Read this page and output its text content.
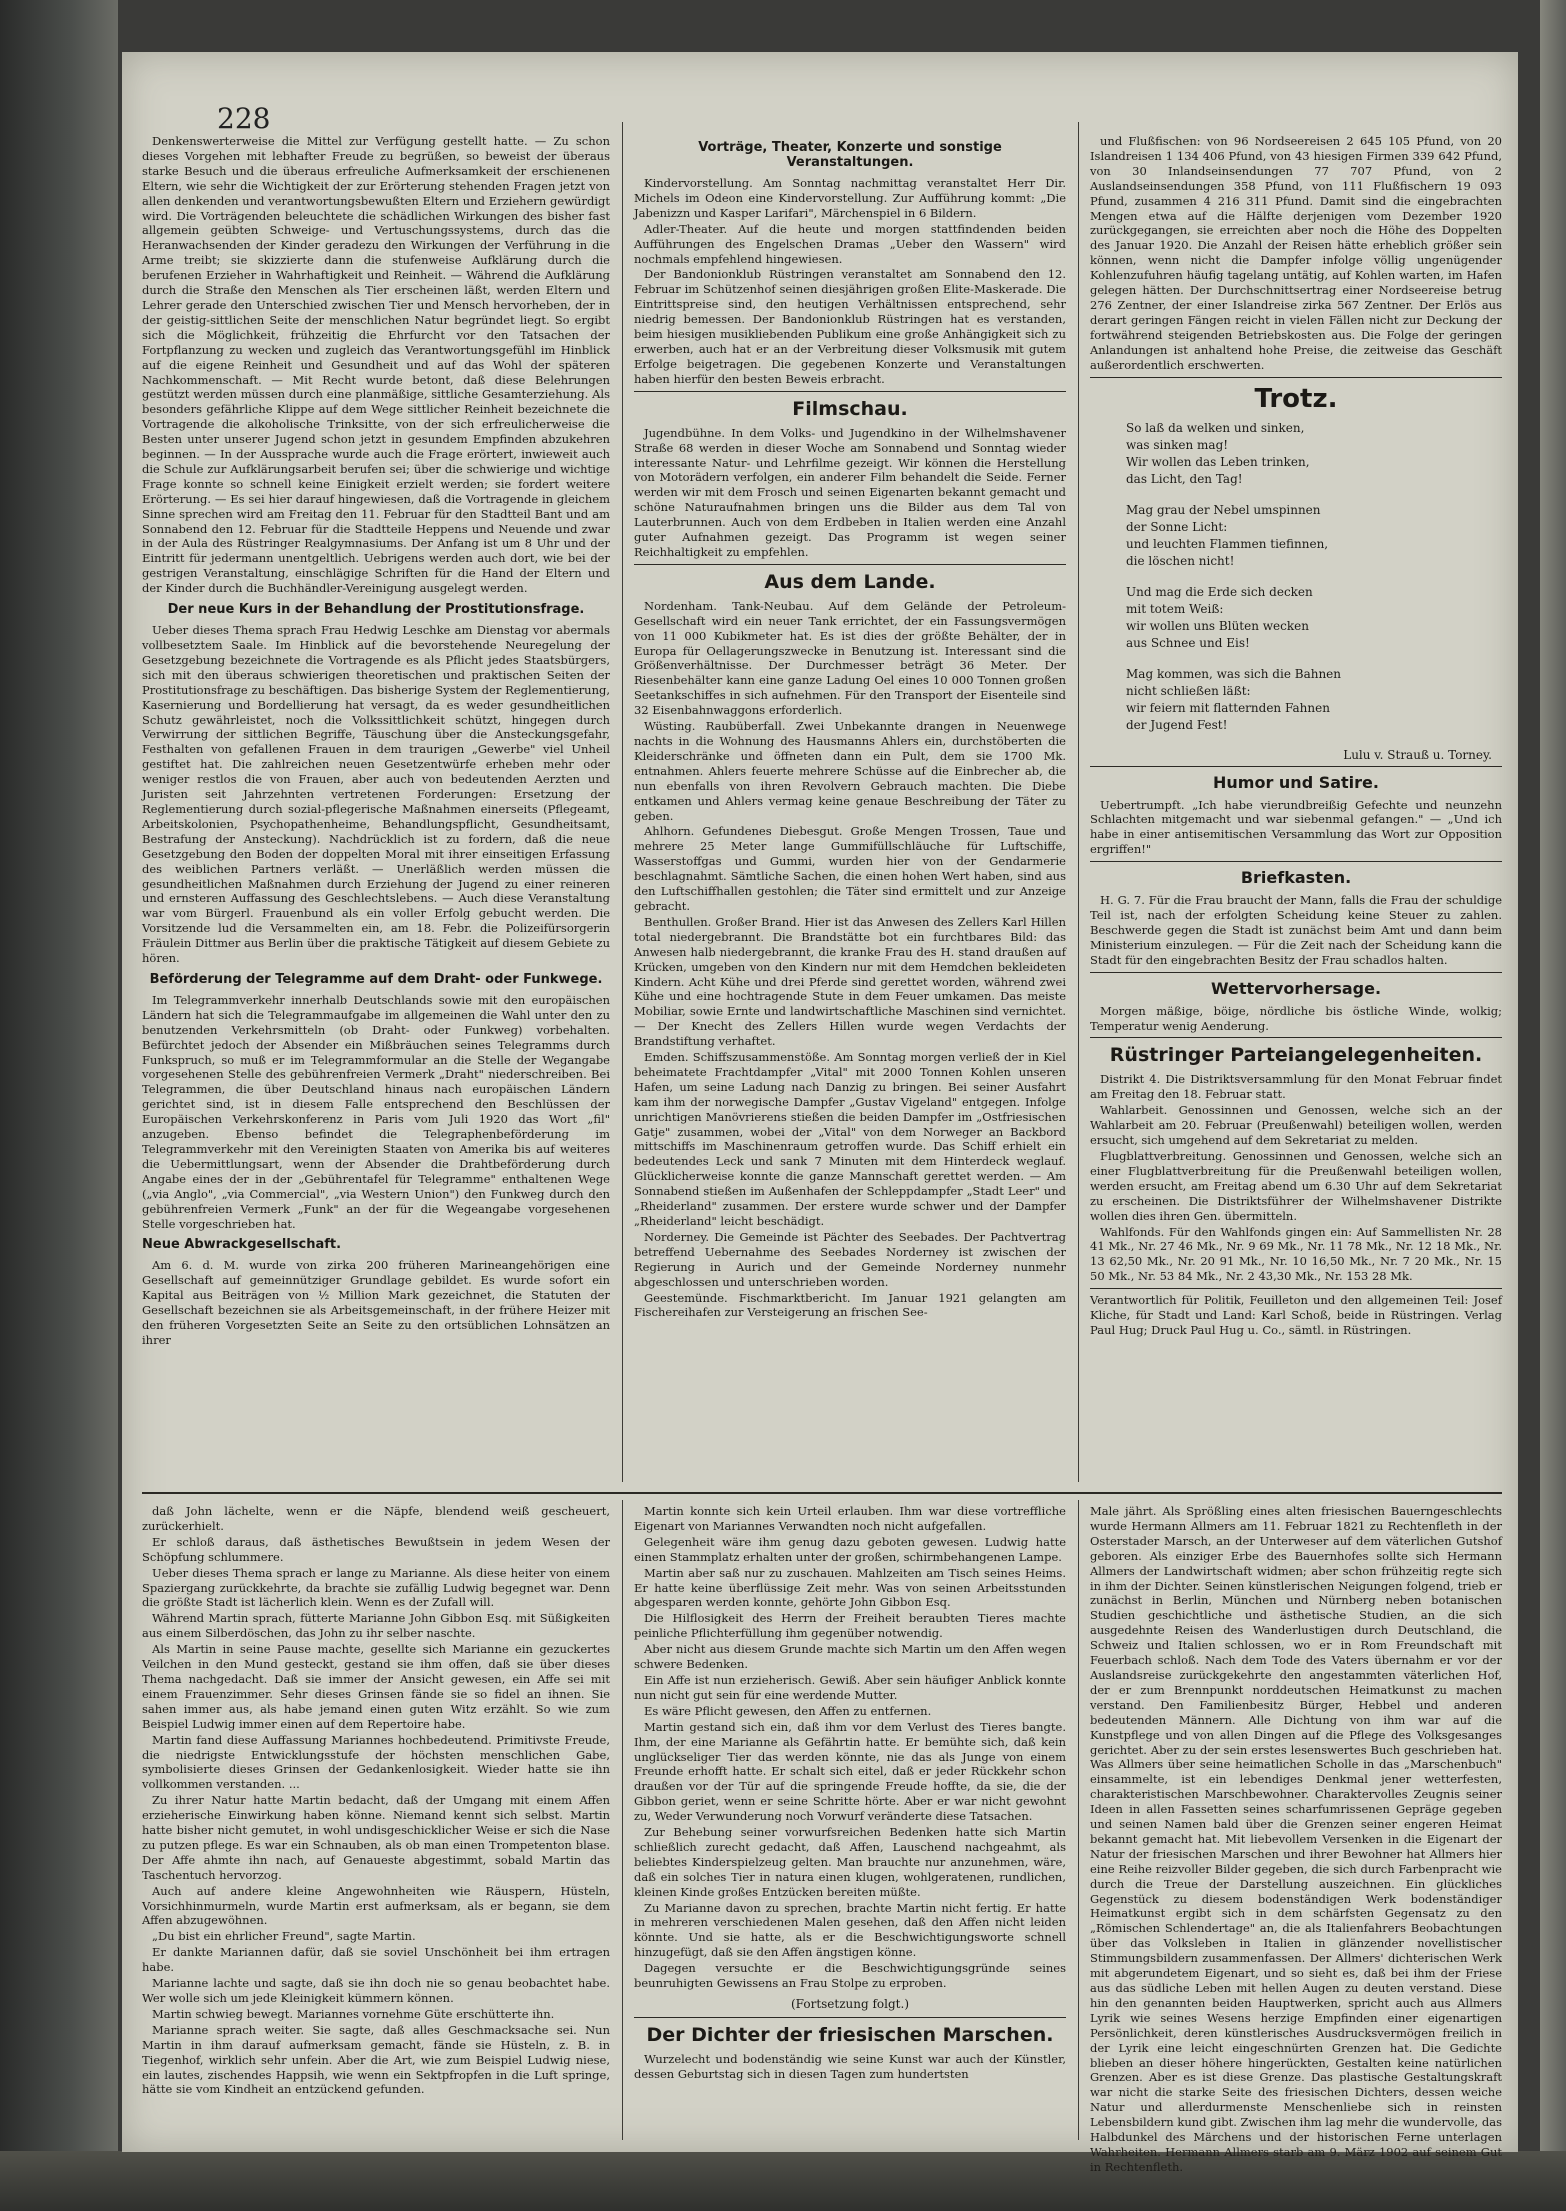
228

Denkenswerterweise die Mittel zur Verfügung gestellt hatte. — Zu schon dieses Vorgehen mit lebhafter Freude zu begrüßen, so beweist der überaus starke Besuch und die überaus erfreuliche Aufmerksamkeit der erschienenen Eltern, wie sehr die Wichtigkeit der zur Erörterung stehenden Fragen jetzt von allen denkenden und verantwortungsbewußten Eltern und Erziehern gewürdigt wird. Die Vorträgenden beleuchtete die schädlichen Wirkungen des bisher fast allgemein geübten Schweige- und Vertuschungssystems, durch das die Heranwachsenden der Kinder geradezu den Wirkungen der Verführung in die Arme treibt; sie skizzierte dann die stufenweise Aufklärung durch die berufenen Erzieher in Wahrhaftigkeit und Reinheit. — Während die Aufklärung durch die Straße den Menschen als Tier erscheinen läßt, werden Eltern und Lehrer gerade den Unterschied zwischen Tier und Mensch hervorheben, der in der geistig-sittlichen Seite der menschlichen Natur begründet liegt. So ergibt sich die Möglichkeit, frühzeitig die Ehrfurcht vor den Tatsachen der Fortpflanzung zu wecken und zugleich das Verantwortungsgefühl im Hinblick auf die eigene Reinheit und Gesundheit und auf das Wohl der späteren Nachkommenschaft. — Mit Recht wurde betont, daß diese Belehrungen gestützt werden müssen durch eine planmäßige, sittliche Gesamterziehung. Als besonders gefährliche Klippe auf dem Wege sittlicher Reinheit bezeichnete die Vortragende die alkoholische Trinksitte, von der sich erfreulicherweise die Besten unter unserer Jugend schon jetzt in gesundem Empfinden abzukehren beginnen. — In der Aussprache wurde auch die Frage erörtert, inwieweit auch die Schule zur Aufklärungsarbeit berufen sei; über die schwierige und wichtige Frage konnte so schnell keine Einigkeit erzielt werden; sie fordert weitere Erörterung. — Es sei hier darauf hingewiesen, daß die Vortragende in gleichem Sinne sprechen wird am Freitag den 11. Februar für den Stadtteil Bant und am Sonnabend den 12. Februar für die Stadtteile Heppens und Neuende und zwar in der Aula des Rüstringer Realgymnasiums. Der Anfang ist um 8 Uhr und der Eintritt für jedermann unentgeltlich. Uebrigens werden auch dort, wie bei der gestrigen Veranstaltung, einschlägige Schriften für die Hand der Eltern und der Kinder durch die Buchhändler-Vereinigung ausgelegt werden.

Der neue Kurs in der Behandlung der Prostitutionsfrage.

Ueber dieses Thema sprach Frau Hedwig Leschke am Dienstag vor abermals vollbesetztem Saale. Im Hinblick auf die bevorstehende Neuregelung der Gesetzgebung bezeichnete die Vortragende es als Pflicht jedes Staatsbürgers, sich mit den überaus schwierigen theoretischen und praktischen Seiten der Prostitutionsfrage zu beschäftigen. Das bisherige System der Reglementierung, Kasernierung und Bordellierung hat versagt, da es weder gesundheitlichen Schutz gewährleistet, noch die Volkssittlichkeit schützt, hingegen durch Verwirrung der sittlichen Begriffe, Täuschung über die Ansteckungsgefahr, Festhalten von gefallenen Frauen in dem traurigen „Gewerbe" viel Unheil gestiftet hat. Die zahlreichen neuen Gesetzentwürfe erheben mehr oder weniger restlos die von Frauen, aber auch von bedeutenden Aerzten und Juristen seit Jahrzehnten vertretenen Forderungen: Ersetzung der Reglementierung durch sozial-pflegerische Maßnahmen einerseits (Pflegeamt, Arbeitskolonien, Psychopathenheime, Behandlungspflicht, Gesundheitsamt, Bestrafung der Ansteckung). Nachdrücklich ist zu fordern, daß die neue Gesetzgebung den Boden der doppelten Moral mit ihrer einseitigen Erfassung des weiblichen Partners verläßt. — Unerläßlich werden müssen die gesundheitlichen Maßnahmen durch Erziehung der Jugend zu einer reineren und ernsteren Auffassung des Geschlechtslebens. — Auch diese Veranstaltung war vom Bürgerl. Frauenbund als ein voller Erfolg gebucht werden. Die Vorsitzende lud die Versammelten ein, am 18. Febr. die Polizeifürsorgerin Fräulein Dittmer aus Berlin über die praktische Tätigkeit auf diesem Gebiete zu hören.

Beförderung der Telegramme auf dem Draht- oder Funkwege.

Im Telegrammverkehr innerhalb Deutschlands sowie mit den europäischen Ländern hat sich die Telegrammaufgabe im allgemeinen die Wahl unter den zu benutzenden Verkehrsmitteln (ob Draht- oder Funkweg) vorbehalten. Befürchtet jedoch der Absender ein Mißbräuchen seines Telegramms durch Funkspruch, so muß er im Telegrammformular an die Stelle der Wegangabe vorgesehenen Stelle des gebührenfreien Vermerk „Draht" niederschreiben. Bei Telegrammen, die über Deutschland hinaus nach europäischen Ländern gerichtet sind, ist in diesem Falle entsprechend den Beschlüssen der Europäischen Verkehrskonferenz in Paris vom Juli 1920 das Wort „fil" anzugeben. Ebenso befindet die Telegraphenbeförderung im Telegrammverkehr mit den Vereinigten Staaten von Amerika bis auf weiteres die Uebermittlungsart, wenn der Absender die Drahtbeförderung durch Angabe eines der in der „Gebührentafel für Telegramme" enthaltenen Wege („via Anglo", „via Commercial", „via Western Union") den Funkweg durch den gebührenfreien Vermerk „Funk" an der für die Wegeangabe vorgesehenen Stelle vorgeschrieben hat.

Neue Abwrackgesellschaft.

Am 6. d. M. wurde von zirka 200 früheren Marineangehörigen eine Gesellschaft auf gemeinnütziger Grundlage gebildet. Es wurde sofort ein Kapital aus Beiträgen von ½ Million Mark gezeichnet, die Statuten der Gesellschaft bezeichnen sie als Arbeitsgemeinschaft, in der frühere Heizer mit den früheren Vorgesetzten Seite an Seite zu den ortsüblichen Lohnsätzen an ihrer

Vorträge, Theater, Konzerte und sonstige Veranstaltungen.

Kindervorstellung. Am Sonntag nachmittag veranstaltet Herr Dir. Michels im Odeon eine Kindervorstellung. Zur Aufführung kommt: „Die Jabenizzn und Kasper Larifari", Märchenspiel in 6 Bildern.

Adler-Theater. Auf die heute und morgen stattfindenden beiden Aufführungen des Engelschen Dramas „Ueber den Wassern" wird nochmals empfehlend hingewiesen.

Der Bandonionklub Rüstringen veranstaltet am Sonnabend den 12. Februar im Schützenhof seinen diesjährigen großen Elite-Maskerade. Die Eintrittspreise sind, den heutigen Verhältnissen entsprechend, sehr niedrig bemessen. Der Bandonionklub Rüstringen hat es verstanden, beim hiesigen musikliebenden Publikum eine große Anhängigkeit sich zu erwerben, auch hat er an der Verbreitung dieser Volksmusik mit gutem Erfolge beigetragen. Die gegebenen Konzerte und Veranstaltungen haben hierfür den besten Beweis erbracht.

Filmschau.

Jugendbühne. In dem Volks- und Jugendkino in der Wilhelmshavener Straße 68 werden in dieser Woche am Sonnabend und Sonntag wieder interessante Natur- und Lehrfilme gezeigt. Wir können die Herstellung von Motorädern verfolgen, ein anderer Film behandelt die Seide. Ferner werden wir mit dem Frosch und seinen Eigenarten bekannt gemacht und schöne Naturaufnahmen bringen uns die Bilder aus dem Tal von Lauterbrunnen. Auch von dem Erdbeben in Italien werden eine Anzahl guter Aufnahmen gezeigt. Das Programm ist wegen seiner Reichhaltigkeit zu empfehlen.

Aus dem Lande.

Nordenham. Tank-Neubau. Auf dem Gelände der Petroleum-Gesellschaft wird ein neuer Tank errichtet, der ein Fassungsvermögen von 11 000 Kubikmeter hat. Es ist dies der größte Behälter, der in Europa für Oellagerungszwecke in Benutzung ist. Interessant sind die Größenverhältnisse. Der Durchmesser beträgt 36 Meter. Der Riesenbehälter kann eine ganze Ladung Oel eines 10 000 Tonnen großen Seetankschiffes in sich aufnehmen. Für den Transport der Eisenteile sind 32 Eisenbahnwaggons erforderlich.

Wüsting. Raubüberfall. Zwei Unbekannte drangen in Neuenwege nachts in die Wohnung des Hausmanns Ahlers ein, durchstöberten die Kleiderschränke und öffneten dann ein Pult, dem sie 1700 Mk. entnahmen. Ahlers feuerte mehrere Schüsse auf die Einbrecher ab, die nun ebenfalls von ihren Revolvern Gebrauch machten. Die Diebe entkamen und Ahlers vermag keine genaue Beschreibung der Täter zu geben.

Ahlhorn. Gefundenes Diebesgut. Große Mengen Trossen, Taue und mehrere 25 Meter lange Gummifüllschläuche für Luftschiffe, Wasserstoffgas und Gummi, wurden hier von der Gendarmerie beschlagnahmt. Sämtliche Sachen, die einen hohen Wert haben, sind aus den Luftschiffhallen gestohlen; die Täter sind ermittelt und zur Anzeige gebracht.

Benthullen. Großer Brand. Hier ist das Anwesen des Zellers Karl Hillen total niedergebrannt. Die Brandstätte bot ein furchtbares Bild: das Anwesen halb niedergebrannt, die kranke Frau des H. stand draußen auf Krücken, umgeben von den Kindern nur mit dem Hemdchen bekleideten Kindern. Acht Kühe und drei Pferde sind gerettet worden, während zwei Kühe und eine hochtragende Stute in dem Feuer umkamen. Das meiste Mobiliar, sowie Ernte und landwirtschaftliche Maschinen sind vernichtet. — Der Knecht des Zellers Hillen wurde wegen Verdachts der Brandstiftung verhaftet.

Emden. Schiffszusammenstöße. Am Sonntag morgen verließ der in Kiel beheimatete Frachtdampfer „Vital" mit 2000 Tonnen Kohlen unseren Hafen, um seine Ladung nach Danzig zu bringen. Bei seiner Ausfahrt kam ihm der norwegische Dampfer „Gustav Vigeland" entgegen. Infolge unrichtigen Manövrierens stießen die beiden Dampfer im „Ostfriesischen Gatje" zusammen, wobei der „Vital" von dem Norweger an Backbord mittschiffs im Maschinenraum getroffen wurde. Das Schiff erhielt ein bedeutendes Leck und sank 7 Minuten mit dem Hinterdeck weglauf. Glücklicherweise konnte die ganze Mannschaft gerettet werden. — Am Sonnabend stießen im Außenhafen der Schleppdampfer „Stadt Leer" und „Rheiderland" zusammen. Der erstere wurde schwer und der Dampfer „Rheiderland" leicht beschädigt.

Norderney. Die Gemeinde ist Pächter des Seebades. Der Pachtvertrag betreffend Uebernahme des Seebades Norderney ist zwischen der Regierung in Aurich und der Gemeinde Norderney nunmehr abgeschlossen und unterschrieben worden.

Geestemünde. Fischmarktbericht. Im Januar 1921 gelangten am Fischereihafen zur Versteigerung an frischen See-

und Flußfischen: von 96 Nordseereisen 2 645 105 Pfund, von 20 Islandreisen 1 134 406 Pfund, von 43 hiesigen Firmen 339 642 Pfund, von 30 Inlandseinsendungen 77 707 Pfund, von 2 Auslandseinsendungen 358 Pfund, von 111 Flußfischern 19 093 Pfund, zusammen 4 216 311 Pfund. Damit sind die eingebrachten Mengen etwa auf die Hälfte derjenigen vom Dezember 1920 zurückgegangen, sie erreichten aber noch die Höhe des Doppelten des Januar 1920. Die Anzahl der Reisen hätte erheblich größer sein können, wenn nicht die Dampfer infolge völlig ungenügender Kohlenzufuhren häufig tagelang untätig, auf Kohlen warten, im Hafen gelegen hätten. Der Durchschnittsertrag einer Nordseereise betrug 276 Zentner, der einer Islandreise zirka 567 Zentner. Der Erlös aus derart geringen Fängen reicht in vielen Fällen nicht zur Deckung der fortwährend steigenden Betriebskosten aus. Die Folge der geringen Anlandungen ist anhaltend hohe Preise, die zeitweise das Geschäft außerordentlich erschwerten.

Trotz.
So laß da welken und sinken,
was sinken mag!
Wir wollen das Leben trinken,
das Licht, den Tag!
Mag grau der Nebel umspinnen
der Sonne Licht:
und leuchten Flammen tiefinnen,
die löschen nicht!
Und mag die Erde sich decken
mit totem Weiß:
wir wollen uns Blüten wecken
aus Schnee und Eis!
Mag kommen, was sich die Bahnen
nicht schließen läßt:
wir feiern mit flatternden Fahnen
der Jugend Fest!
Lulu v. Strauß u. Torney.
Humor und Satire.

Uebertrumpft. „Ich habe vierundbreißig Gefechte und neunzehn Schlachten mitgemacht und war siebenmal gefangen." — „Und ich habe in einer antisemitischen Versammlung das Wort zur Opposition ergriffen!"

Briefkasten.

H. G. 7. Für die Frau braucht der Mann, falls die Frau der schuldige Teil ist, nach der erfolgten Scheidung keine Steuer zu zahlen. Beschwerde gegen die Stadt ist zunächst beim Amt und dann beim Ministerium einzulegen. — Für die Zeit nach der Scheidung kann die Stadt für den eingebrachten Besitz der Frau schadlos halten.

Wettervorhersage.

Morgen mäßige, böige, nördliche bis östliche Winde, wolkig; Temperatur wenig Aenderung.

Rüstringer Parteiangelegenheiten.

Distrikt 4. Die Distriktsversammlung für den Monat Februar findet am Freitag den 18. Februar statt.

Wahlarbeit. Genossinnen und Genossen, welche sich an der Wahlarbeit am 20. Februar (Preußenwahl) beteiligen wollen, werden ersucht, sich umgehend auf dem Sekretariat zu melden.

Flugblattverbreitung. Genossinnen und Genossen, welche sich an einer Flugblattverbreitung für die Preußenwahl beteiligen wollen, werden ersucht, am Freitag abend um 6.30 Uhr auf dem Sekretariat zu erscheinen. Die Distriktsführer der Wilhelmshavener Distrikte wollen dies ihren Gen. übermitteln.

Wahlfonds. Für den Wahlfonds gingen ein: Auf Sammellisten Nr. 28 41 Mk., Nr. 27 46 Mk., Nr. 9 69 Mk., Nr. 11 78 Mk., Nr. 12 18 Mk., Nr. 13 62,50 Mk., Nr. 20 91 Mk., Nr. 10 16,50 Mk., Nr. 7 20 Mk., Nr. 15 50 Mk., Nr. 53 84 Mk., Nr. 2 43,30 Mk., Nr. 153 28 Mk.

Verantwortlich für Politik, Feuilleton und den allgemeinen Teil: Josef Kliche, für Stadt und Land: Karl Schoß, beide in Rüstringen. Verlag Paul Hug; Druck Paul Hug u. Co., sämtl. in Rüstringen.

daß John lächelte, wenn er die Näpfe, blendend weiß gescheuert, zurückerhielt.

Er schloß daraus, daß ästhetisches Bewußtsein in jedem Wesen der Schöpfung schlummere.

Ueber dieses Thema sprach er lange zu Marianne. Als diese heiter von einem Spaziergang zurückkehrte, da brachte sie zufällig Ludwig begegnet war. Denn die größte Stadt ist lächerlich klein. Wenn es der Zufall will.

Während Martin sprach, fütterte Marianne John Gibbon Esq. mit Süßigkeiten aus einem Silberdöschen, das John zu ihr selber naschte.

Als Martin in seine Pause machte, gesellte sich Marianne ein gezuckertes Veilchen in den Mund gesteckt, gestand sie ihm offen, daß sie über dieses Thema nachgedacht. Daß sie immer der Ansicht gewesen, ein Affe sei mit einem Frauenzimmer. Sehr dieses Grinsen fände sie so fidel an ihnen. Sie sahen immer aus, als habe jemand einen guten Witz erzählt. So wie zum Beispiel Ludwig immer einen auf dem Repertoire habe.

Martin fand diese Auffassung Mariannes hochbedeutend. Primitivste Freude, die niedrigste Entwicklungsstufe der höchsten menschlichen Gabe, symbolisierte dieses Grinsen der Gedankenlosigkeit. Wieder hatte sie ihn vollkommen verstanden. ...

Zu ihrer Natur hatte Martin bedacht, daß der Umgang mit einem Affen erzieherische Einwirkung haben könne. Niemand kennt sich selbst. Martin hatte bisher nicht gemutet, in wohl undisgeschicklicher Weise er sich die Nase zu putzen pflege. Es war ein Schnauben, als ob man einen Trompetenton blase. Der Affe ahmte ihn nach, auf Genaueste abgestimmt, sobald Martin das Taschentuch hervorzog.

Auch auf andere kleine Angewohnheiten wie Räuspern, Hüsteln, Vorsichhinmurmeln, wurde Martin erst aufmerksam, als er begann, sie dem Affen abzugewöhnen.

„Du bist ein ehrlicher Freund", sagte Martin.

Er dankte Mariannen dafür, daß sie soviel Unschönheit bei ihm ertragen habe.

Marianne lachte und sagte, daß sie ihn doch nie so genau beobachtet habe. Wer wolle sich um jede Kleinigkeit kümmern können.

Martin schwieg bewegt. Mariannes vornehme Güte erschütterte ihn.

Marianne sprach weiter. Sie sagte, daß alles Geschmacksache sei. Nun Martin in ihm darauf aufmerksam gemacht, fände sie Hüsteln, z. B. in Tiegenhof, wirklich sehr unfein. Aber die Art, wie zum Beispiel Ludwig niese, ein lautes, zischendes Happsih, wie wenn ein Sektpfropfen in die Luft springe, hätte sie vom Kindheit an entzückend gefunden.

Martin konnte sich kein Urteil erlauben. Ihm war diese vortreffliche Eigenart von Mariannes Verwandten noch nicht aufgefallen.

Gelegenheit wäre ihm genug dazu geboten gewesen. Ludwig hatte einen Stammplatz erhalten unter der großen, schirmbehangenen Lampe.

Martin aber saß nur zu zuschauen. Mahlzeiten am Tisch seines Heims. Er hatte keine überflüssige Zeit mehr. Was von seinen Arbeitsstunden abgesparen werden konnte, gehörte John Gibbon Esq.

Die Hilflosigkeit des Herrn der Freiheit beraubten Tieres machte peinliche Pflichterfüllung ihm gegenüber notwendig.

Aber nicht aus diesem Grunde machte sich Martin um den Affen wegen schwere Bedenken.

Ein Affe ist nun erzieherisch. Gewiß. Aber sein häufiger Anblick konnte nun nicht gut sein für eine werdende Mutter.

Es wäre Pflicht gewesen, den Affen zu entfernen.

Martin gestand sich ein, daß ihm vor dem Verlust des Tieres bangte. Ihm, der eine Marianne als Gefährtin hatte. Er bemühte sich, daß kein unglückseliger Tier das werden könnte, nie das als Junge von einem Freunde erhofft hatte. Er schalt sich eitel, daß er jeder Rückkehr schon draußen vor der Tür auf die springende Freude hoffte, da sie, die der Gibbon geriet, wenn er seine Schritte hörte. Aber er war nicht gewohnt zu, Weder Verwunderung noch Vorwurf veränderte diese Tatsachen.

Zur Behebung seiner vorwurfsreichen Bedenken hatte sich Martin schließlich zurecht gedacht, daß Affen, Lauschend nachgeahmt, als beliebtes Kinderspielzeug gelten. Man brauchte nur anzunehmen, wäre, daß ein solches Tier in natura einen klugen, wohlgeratenen, rundlichen, kleinen Kinde großes Entzücken bereiten müßte.

Zu Marianne davon zu sprechen, brachte Martin nicht fertig. Er hatte in mehreren verschiedenen Malen gesehen, daß den Affen nicht leiden könnte. Und sie hatte, als er die Beschwichtigungsworte schnell hinzugefügt, daß sie den Affen ängstigen könne.

Dagegen versuchte er die Beschwichtigungsgründe seines beunruhigten Gewissens an Frau Stolpe zu erproben.

(Fortsetzung folgt.)
Der Dichter der friesischen Marschen.

Wurzelecht und bodenständig wie seine Kunst war auch der Künstler, dessen Geburtstag sich in diesen Tagen zum hundertsten

Male jährt. Als Sprößling eines alten friesischen Bauerngeschlechts wurde Hermann Allmers am 11. Februar 1821 zu Rechtenfleth in der Osterstader Marsch, an der Unterweser auf dem väterlichen Gutshof geboren. Als einziger Erbe des Bauernhofes sollte sich Hermann Allmers der Landwirtschaft widmen; aber schon frühzeitig regte sich in ihm der Dichter. Seinen künstlerischen Neigungen folgend, trieb er zunächst in Berlin, München und Nürnberg neben botanischen Studien geschichtliche und ästhetische Studien, an die sich ausgedehnte Reisen des Wanderlustigen durch Deutschland, die Schweiz und Italien schlossen, wo er in Rom Freundschaft mit Feuerbach schloß. Nach dem Tode des Vaters übernahm er vor der Auslandsreise zurückgekehrte den angestammten väterlichen Hof, der er zum Brennpunkt norddeutschen Heimatkunst zu machen verstand. Den Familienbesitz Bürger, Hebbel und anderen bedeutenden Männern. Alle Dichtung von ihm war auf die Kunstpflege und von allen Dingen auf die Pflege des Volksgesanges gerichtet. Aber zu der sein erstes lesenswertes Buch geschrieben hat. Was Allmers über seine heimatlichen Scholle in das „Marschenbuch" einsammelte, ist ein lebendiges Denkmal jener wetterfesten, charakteristischen Marschbewohner. Charaktervolles Zeugnis seiner Ideen in allen Fassetten seines scharfumrissenen Gepräge gegeben und seinen Namen bald über die Grenzen seiner engeren Heimat bekannt gemacht hat. Mit liebevollem Versenken in die Eigenart der Natur der friesischen Marschen und ihrer Bewohner hat Allmers hier eine Reihe reizvoller Bilder gegeben, die sich durch Farbenpracht wie durch die Treue der Darstellung auszeichnen. Ein glückliches Gegenstück zu diesem bodenständigen Werk bodenständiger Heimatkunst ergibt sich in dem schärfsten Gegensatz zu den „Römischen Schlendertage" an, die als Italienfahrers Beobachtungen über das Volksleben in Italien in glänzender novellistischer Stimmungsbildern zusammenfassen. Der Allmers' dichterischen Werk mit abgerundetem Eigenart, und so sieht es, daß bei ihm der Friese aus das südliche Leben mit hellen Augen zu deuten verstand. Diese hin den genannten beiden Hauptwerken, spricht auch aus Allmers Lyrik wie seines Wesens herzige Empfinden einer eigenartigen Persönlichkeit, deren künstlerisches Ausdrucksvermögen freilich in der Lyrik eine leicht eingeschnürten Grenzen hat. Die Gedichte blieben an dieser höhere hingerückten, Gestalten keine natürlichen Grenzen. Aber es ist diese Grenze. Das plastische Gestaltungskraft war nicht die starke Seite des friesischen Dichters, dessen weiche Natur und allerdurmenste Menschenliebe sich in reinsten Lebensbildern kund gibt. Zwischen ihm lag mehr die wundervolle, das Halbdunkel des Märchens und der historischen Ferne unterlagen Wahrheiten. Hermann Allmers starb am 9. März 1902 auf seinem Gut in Rechtenfleth.
